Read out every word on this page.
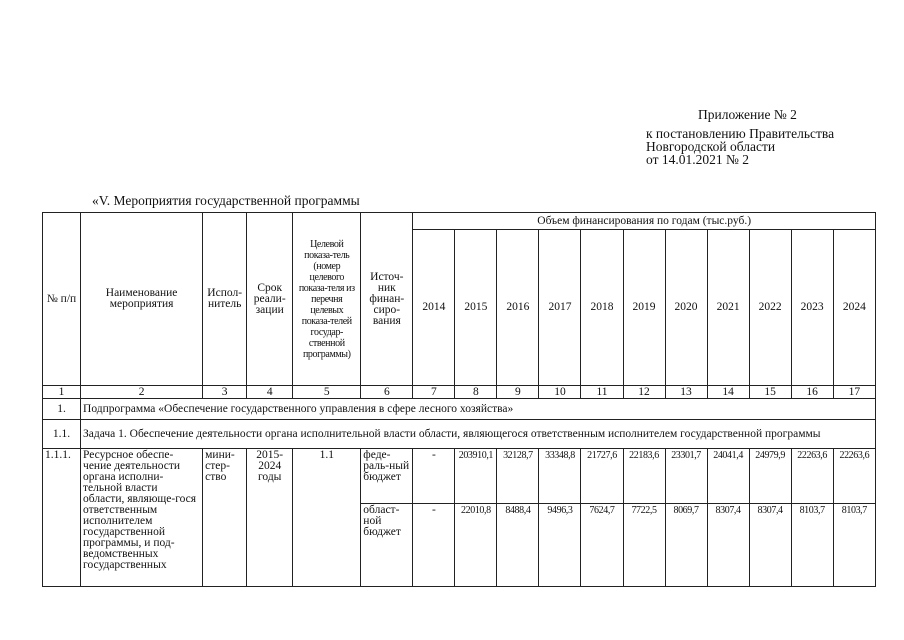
Приложение № 2
к постановлению Правительства
Новгородской области
от 14.01.2021 № 2
«V. Мероприятия государственной программы
№ п/п	Наименование мероприятия	Испол-нитель	Срок реали-зации	Целевой показа-тель (номер целевого показа-теля из перечня целевых показа-телей государ-ственной программы)	Источ-ник финан-сиро-вания	Объем финансирования по годам (тыс.руб.)										
						2014	2015	2016	2017	2018	2019	2020	2021	2022	2023	2024
1	2	3	4	5	6	7	8	9	10	11	12	13	14	15	16	17
1.	Подпрограмма «Обеспечение государственного управления в сфере лесного хозяйства»															
1.1.	Задача 1. Обеспечение деятельности органа исполнительной власти области, являющегося ответственным исполнителем государственной программы															
1.1.1.	Ресурсное обеспе-чение деятельности органа исполни-тельной власти области, являюще-гося ответственным исполнителем государственной программы, и под-ведомственных государственных	мини-стер-ство	2015-2024 годы	1.1	феде-раль-ный бюджет	-	203910,1	32128,7	33348,8	21727,6	22183,6	23301,7	24041,4	24979,9	22263,6	22263,6
					област-ной бюджет	-	22010,8	8488,4	9496,3	7624,7	7722,5	8069,7	8307,4	8307,4	8103,7	8103,7
